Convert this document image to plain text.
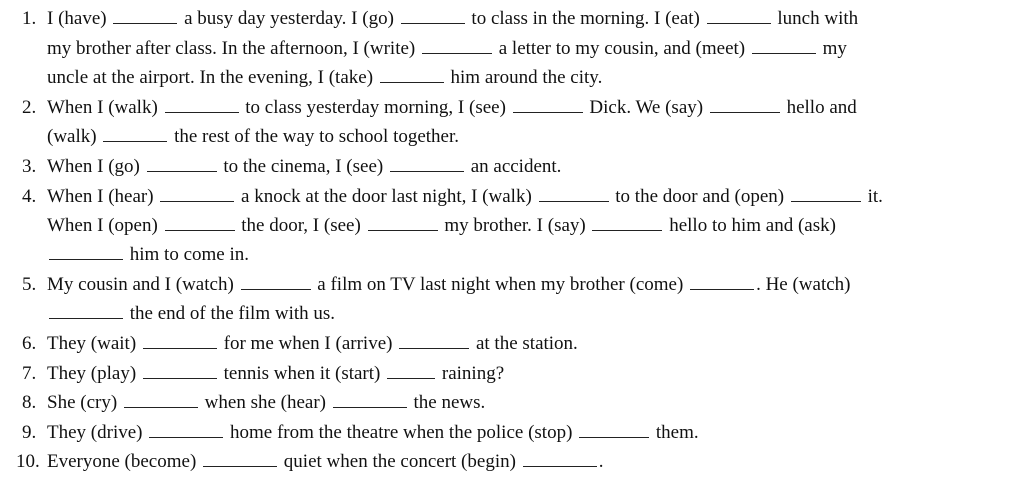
1. I (have)	a busy day yesterday. I (go)	to class in the morning. I (eat)	lunch with
my brother after class. In the afternoon, I (write)	a letter to my cousin, and (meet)	my
uncle at the airport. In the evening, I (take)	him around the city.
2. When I (walk)	to class yesterday morning, I (see)	Dick. We (say)	hello and
(walk)	the rest of the way to school together.
3. When I (go)	to the cinema, I (see)	an accident.
4. When I (hear)	a knock at the door last night, I (walk)	to the door and (open)	it.
When I (open)	the door, I (see)	my brother. I (say)	hello to him and (ask)
him to come in.
5. My cousin and I (watch)	a film on TV last night when my brother (come)	. He (watch)
the end of the film with us.
6. They (wait)	for me when I (arrive)	at the station.
7. They (play)	tennis when it (start)	raining?
8. She (cry)	when she (hear)	the news.
9. They (drive)	home from the theatre when the police (stop)	them.
10. Everyone (become)	quiet when the concert (begin)	.
